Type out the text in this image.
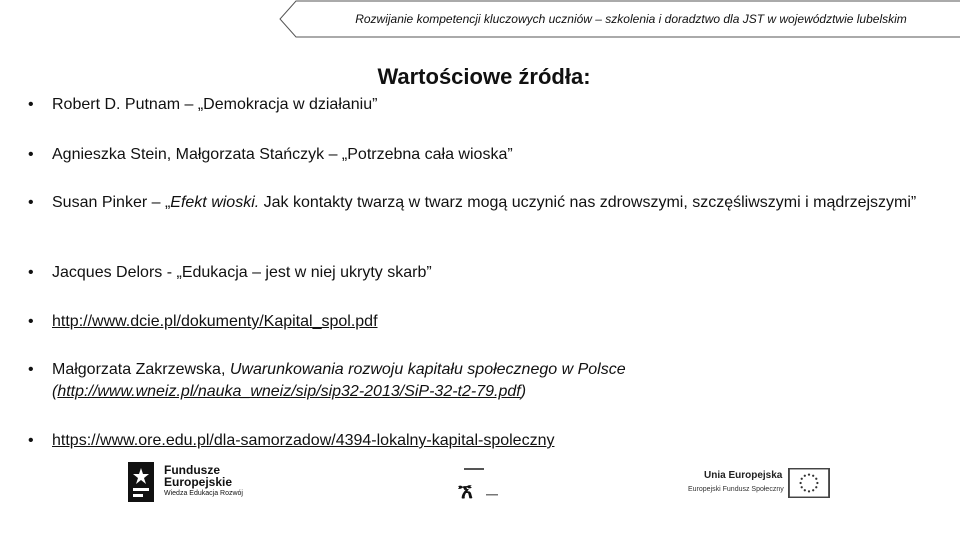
Rozwijanie kompetencji kluczowych uczniów – szkolenia i doradztwo dla JST w województwie lubelskim
Wartościowe źródła:
• Robert D. Putnam – „Demokracja w działaniu”
• Agnieszka Stein, Małgorzata Stańczyk – „Potrzebna cała wioska”
• Susan Pinker – „Efekt wioski. Jak kontakty twarzą w twarz mogą uczynić nas zdrowszymi, szczęśliwszymi i mądrzejszymi”
• Jacques Delors - „Edukacja – jest w niej ukryty skarb”
• http://www.dcie.pl/dokumenty/Kapital_spol.pdf
• Małgorzata Zakrzewska, Uwarunkowania rozwoju kapitału społecznego w Polsce (http://www.wneiz.pl/nauka_wneiz/sip/sip32-2013/SiP-32-t2-79.pdf)
• https://www.ore.edu.pl/dla-samorzadow/4394-lokalny-kapital-spoleczny
Fundusze
Europejskie
Wiedza Edukacja Rozwój	ኧ
Unia Europejska
Europejski Fundusz Społeczny
